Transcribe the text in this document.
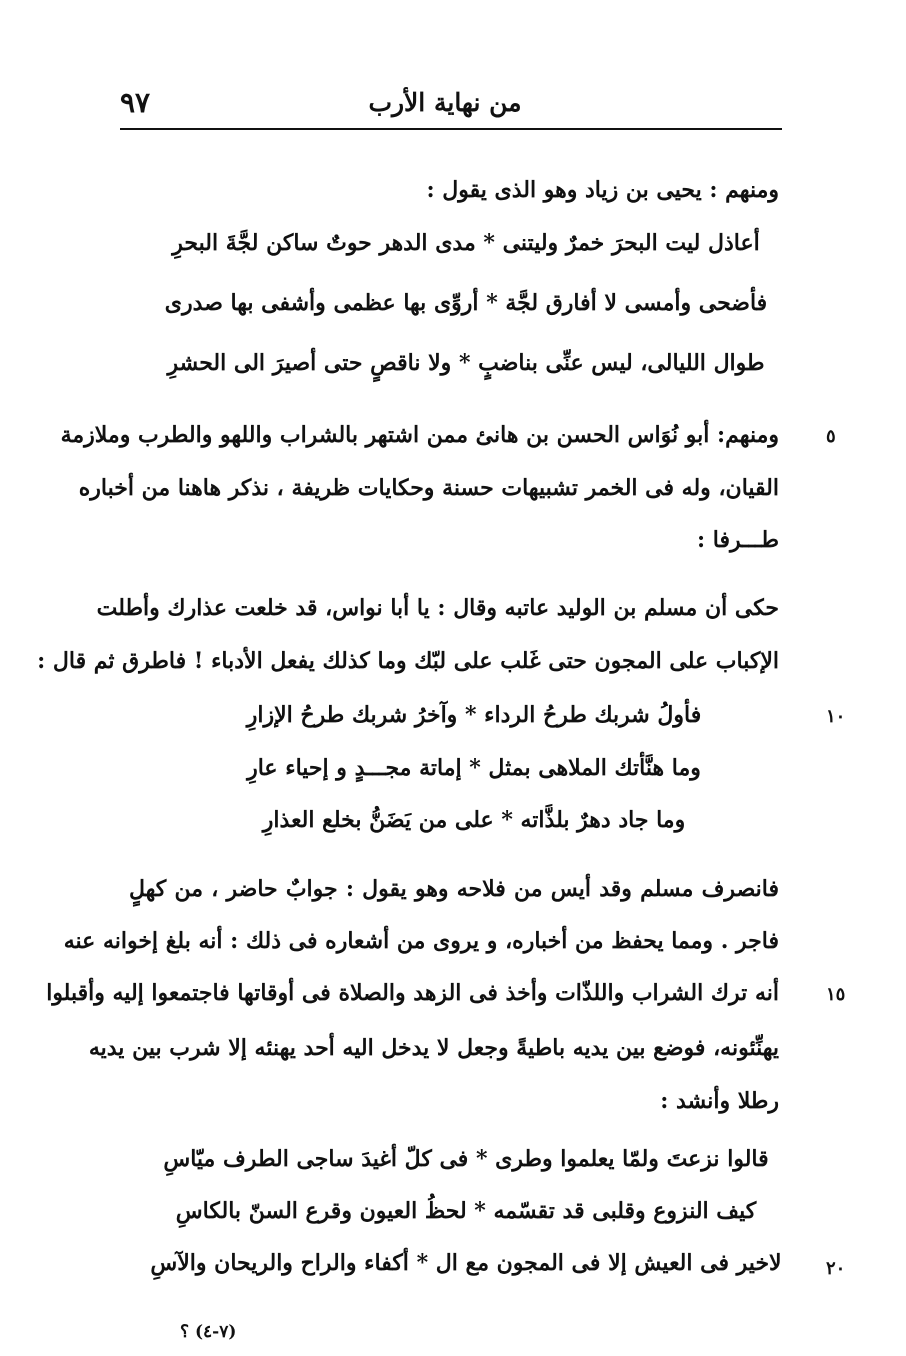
من نهاية الأرب
٩٧
ومنهم : يحيى بن زياد وهو الذى يقول :
أعاذل ليت البحرَ خمرٌ وليتنى * مدى الدهر حوتٌ ساكن لجَّةَ البحرِ
فأضحى وأمسى لا أفارق لجَّة * أروِّى بها عظمى وأشفى بها صدرى
طوال الليالى، ليس عنِّى بناضبٍ * ولا ناقصٍ حتى أصيرَ الى الحشرِ
ومنهم: أبو نُوَاس الحسن بن هانئ ممن اشتهر بالشراب واللهو والطرب وملازمة	٥
القيان، وله فى الخمر تشبيهات حسنة وحكايات ظريفة ، نذكر هاهنا من أخباره
طـــرفا :
حكى أن مسلم بن الوليد عاتبه وقال : يا أبا نواس، قد خلعت عذارك وأطلت
الإكباب على المجون حتى غَلب على لبّك وما كذلك يفعل الأدباء ! فاطرق ثم قال :
فأولُ شربك طرحُ الرداء * وآخرُ شربك طرحُ الإزارِ	١٠
وما هنَّأتك الملاهى بمثل * إماتة مجـــدٍ و إحياء عارِ
وما جاد دهرٌ بلذَّاته * على من يَضَنُّ بخلع العذارِ
فانصرف مسلم وقد أيس من فلاحه وهو يقول : جوابٌ حاضر ، من كهلٍ
فاجر . ومما يحفظ من أخباره، و يروى من أشعاره فى ذلك : أنه بلغ إخوانه عنه
أنه ترك الشراب واللذّات وأخذ فى الزهد والصلاة فى أوقاتها فاجتمعوا إليه وأقبلوا	١٥
يهنِّئونه، فوضع بين يديه باطيةً وجعل لا يدخل اليه أحد يهنئه إلا شرب بين يديه
رطلا وأنشد :
قالوا نزعتَ ولمّا يعلموا وطرى * فى كلّ أغيدَ ساجى الطرف ميّاسِ
كيف النزوع وقلبى قد تقسّمه * لحظُ العيون وقرع السنّ بالكاسِ
لاخير فى العيش إلا فى المجون مع ال * أكفاء والراح والريحان والآسِ ٢٠
(٧-٤) ؟
